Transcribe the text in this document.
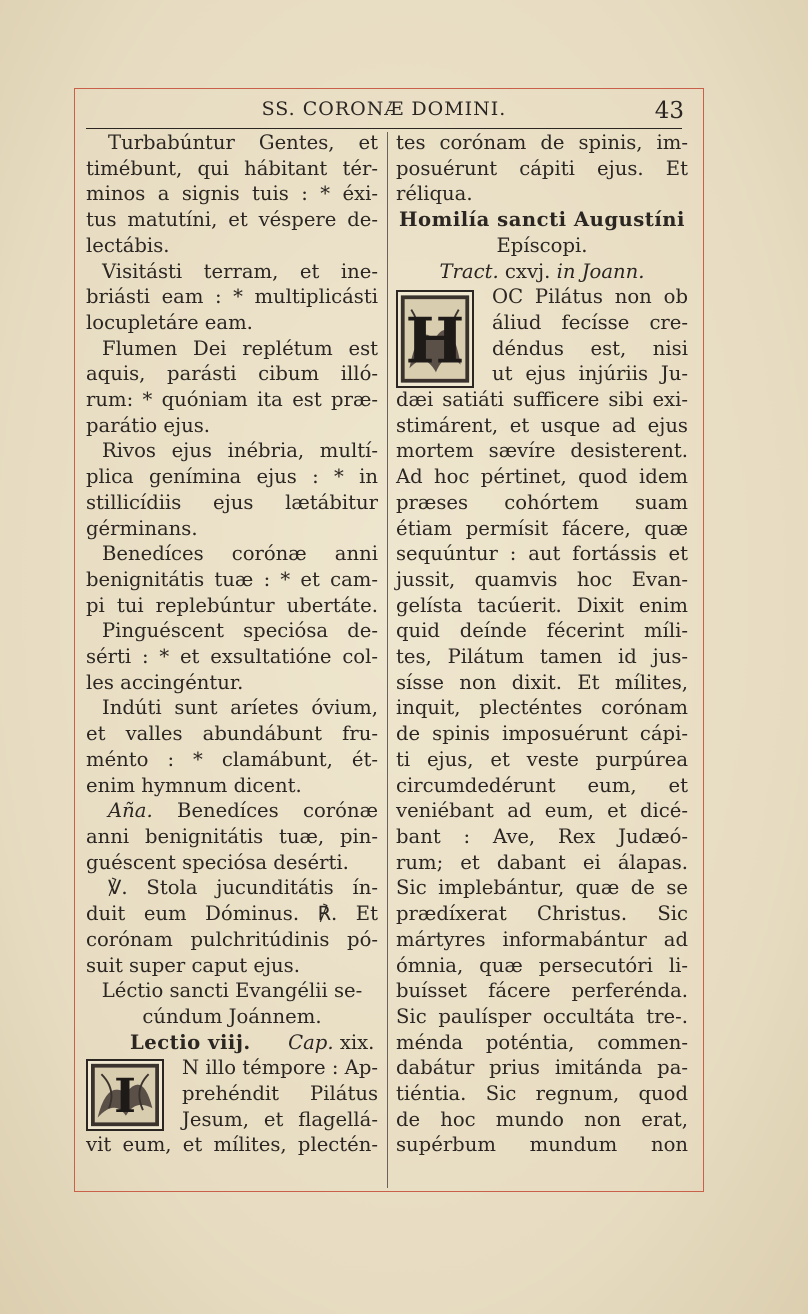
SS. CORONÆ DOMINI.	43
Turbabúntur Gentes, et
timébunt, qui hábitant tér-
minos a signis tuis : * éxi-
tus matutíni, et véspere de-
lectábis.
Visitásti terram, et ine-
briásti eam : * multiplicásti
locupletáre eam.
Flumen Dei replétum est
aquis, parásti cibum illó-
rum: * quóniam ita est præ-
parátio ejus.
Rivos ejus inébria, multí-
plica genímina ejus : * in
stillicídiis ejus lætábitur
gérminans.
Benedíces corónæ anni
benignitátis tuæ : * et cam-
pi tui replebúntur ubertáte.
Pinguéscent speciósa de-
sérti : * et exsultatióne col-
les accingéntur.
Indúti sunt aríetes óvium,
et valles abundábunt fru-
ménto : * clamábunt, ét-
enim hymnum dicent.
Aña. Benedíces corónæ
anni benignitátis tuæ, pin-
guéscent speciósa desérti.
℣. Stola jucunditátis ín-
duit eum Dóminus. ℟. Et
corónam pulchritúdinis pó-
suit super caput ejus.
Léctio sancti Evangélii se-
cúndum Joánnem.
Lectio viij. Cap. xix.
I
N illo témpore : Ap-
prehéndit Pilátus
Jesum, et flagellá-
vit eum, et mílites, plectén-
tes corónam de spinis, im-
posuérunt cápiti ejus. Et
réliqua.
Homilía sancti Augustíni
Epíscopi.
Tract. cxvj. in Joann.
H
OC Pilátus non ob
áliud fecísse cre-
déndus est, nisi
ut ejus injúriis Ju-
dæi satiáti sufficere sibi exi-
stimárent, et usque ad ejus
mortem sævíre desisterent.
Ad hoc pértinet, quod idem
præses cohórtem suam
étiam permísit fácere, quæ
sequúntur : aut fortássis et
jussit, quamvis hoc Evan-
gelísta tacúerit. Dixit enim
quid deínde fécerint míli-
tes, Pilátum tamen id jus-
sísse non dixit. Et mílites,
inquit, plecténtes corónam
de spinis imposuérunt cápi-
ti ejus, et veste purpúrea
circumdedérunt eum, et
veniébant ad eum, et dicé-
bant : Ave, Rex Judæó-
rum; et dabant ei álapas.
Sic implebántur, quæ de se
prædíxerat Christus. Sic
mártyres informabántur ad
ómnia, quæ persecutóri li-
buísset fácere perferénda.
Sic paulísper occultáta tre-.
ménda poténtia, commen-
dabátur prius imitánda pa-
tiéntia. Sic regnum, quod
de hoc mundo non erat,
supérbum mundum non
